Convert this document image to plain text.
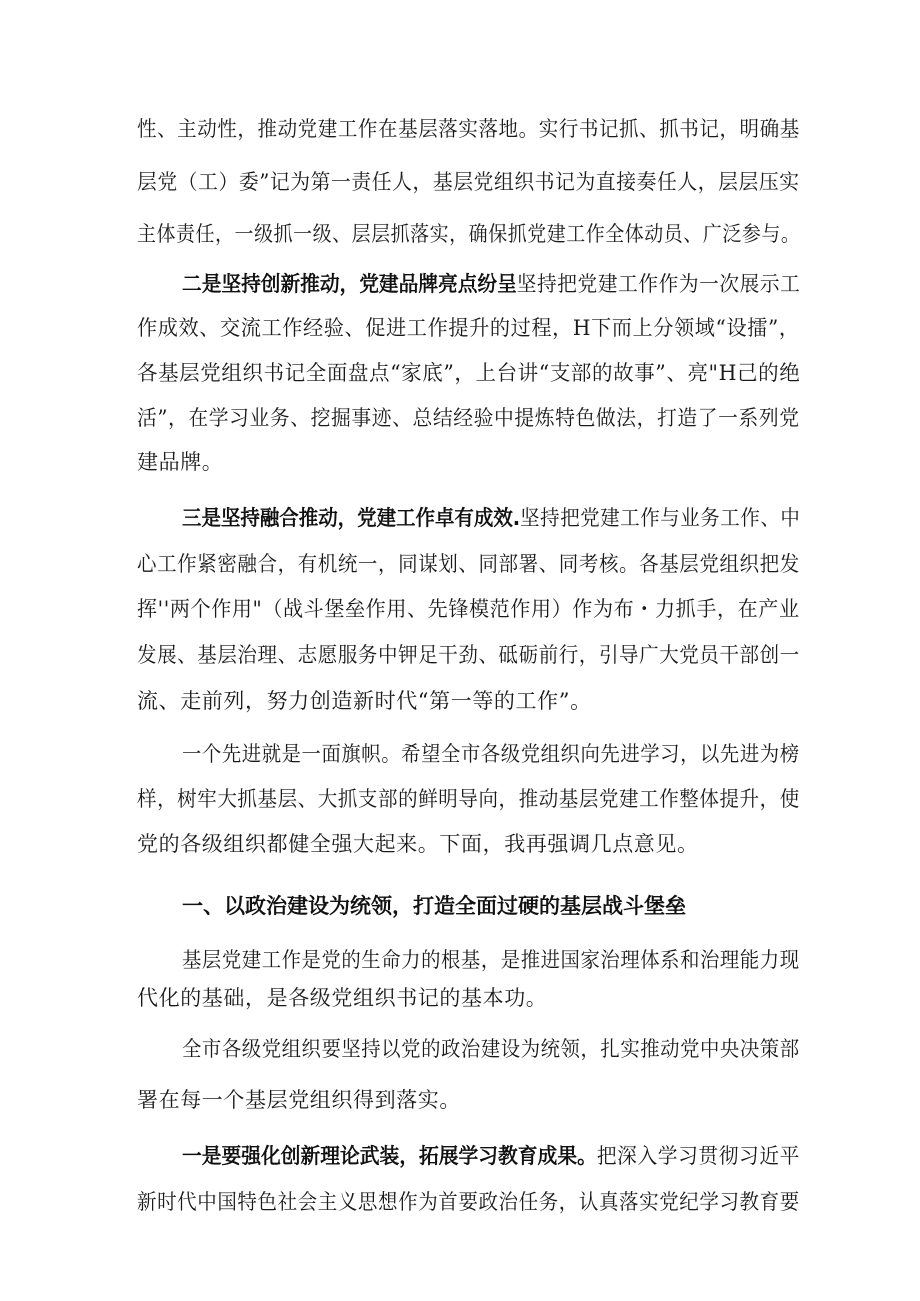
性、主动性，推动党建工作在基层落实落地。实行书记抓、抓书记，明确基
层党（工）委”记为第一责任人，基层党组织书记为直接奏任人，层层压实
主体责任，一级抓一级、层层抓落实，确保抓党建工作全体动员、广泛参与。
二是坚持创新推动，党建品牌亮点纷呈坚持把党建工作作为一次展示工
作成效、交流工作经验、促进工作提升的过程，H下而上分领域“设擂”，
各基层党组织书记全面盘点“家底”，上台讲“支部的故事”、亮"H己的绝
活”，在学习业务、挖掘事迹、总结经验中提炼特色做法，打造了一系列党
建品牌。
三是坚持融合推动，党建工作卓有成效.坚持把党建工作与业务工作、中
心工作紧密融合，有机统一，同谋划、同部署、同考核。各基层党组织把发
挥''两个作用"（战斗堡垒作用、先锋模范作用）作为布・力抓手，在产业
发展、基层治理、志愿服务中钾足干劲、砥砺前行，引导广大党员干部创一
流、走前列，努力创造新时代“第一等的工作”。
一个先进就是一面旗帜。希望全市各级党组织向先进学习，以先进为榜
样，树牢大抓基层、大抓支部的鲜明导向，推动基层党建工作整体提升，使
党的各级组织都健全强大起来。下面，我再强调几点意见。
一、以政治建设为统领，打造全面过硬的基层战斗堡垒
基层党建工作是党的生命力的根基，是推进国家治理体系和治理能力现
代化的基础，是各级党组织书记的基本功。
全市各级党组织要坚持以党的政治建设为统领，扎实推动党中央决策部
署在每一个基层党组织得到落实。
一是要强化创新理论武装，拓展学习教育成果。把深入学习贯彻习近平
新时代中国特色社会主义思想作为首要政治任务，认真落实党纪学习教育要
